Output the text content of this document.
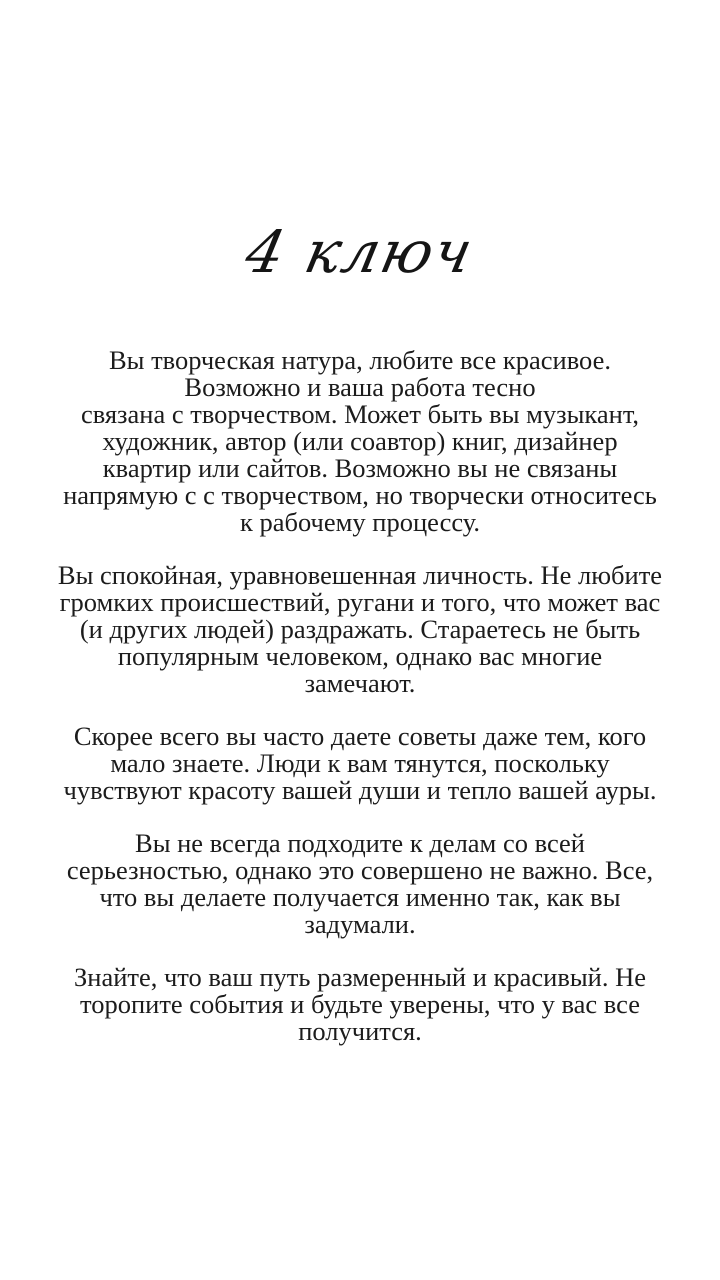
4 ключ

Вы творческая натура, любите все красивое.
Возможно и ваша работа тесно
связана с творчеством. Может быть вы музыкант,
художник, автор (или соавтор) книг, дизайнер
квартир или сайтов. Возможно вы не связаны
напрямую с с творчеством, но творчески относитесь
к рабочему процессу.

Вы спокойная, уравновешенная личность. Не любите
громких происшествий, ругани и того, что может вас
(и других людей) раздражать. Стараетесь не быть
популярным человеком, однако вас многие
замечают.

Скорее всего вы часто даете советы даже тем, кого
мало знаете. Люди к вам тянутся, поскольку
чувствуют красоту вашей души и тепло вашей ауры.

Вы не всегда подходите к делам со всей
серьезностью, однако это совершено не важно. Все,
что вы делаете получается именно так, как вы
задумали.

Знайте, что ваш путь размеренный и красивый. Не
торопите события и будьте уверены, что у вас все
получится.
